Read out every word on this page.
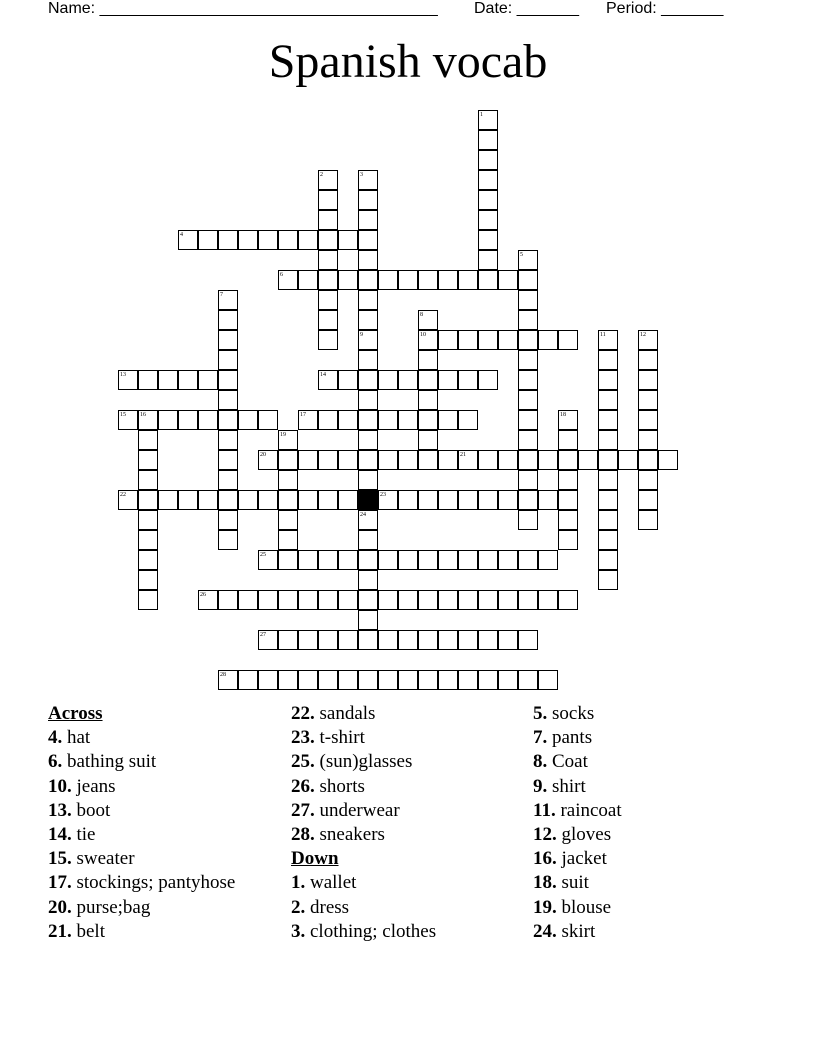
Name: ______________________________________ Date: _______ Period: _______
Spanish vocab
1
2	3
4
5
6
7
8
9	10	11	12
13	14
15 16	17	18
19
20	21
22	23
24
25
26
27
28
Across
4. hat
6. bathing suit
10. jeans
13. boot
14. tie
15. sweater
17. stockings; pantyhose
20. purse;bag
21. belt
22. sandals
23. t-shirt
25. (sun)glasses
26. shorts
27. underwear
28. sneakers
Down
1. wallet
2. dress
3. clothing; clothes
5. socks
7. pants
8. Coat
9. shirt
11. raincoat
12. gloves
16. jacket
18. suit
19. blouse
24. skirt
